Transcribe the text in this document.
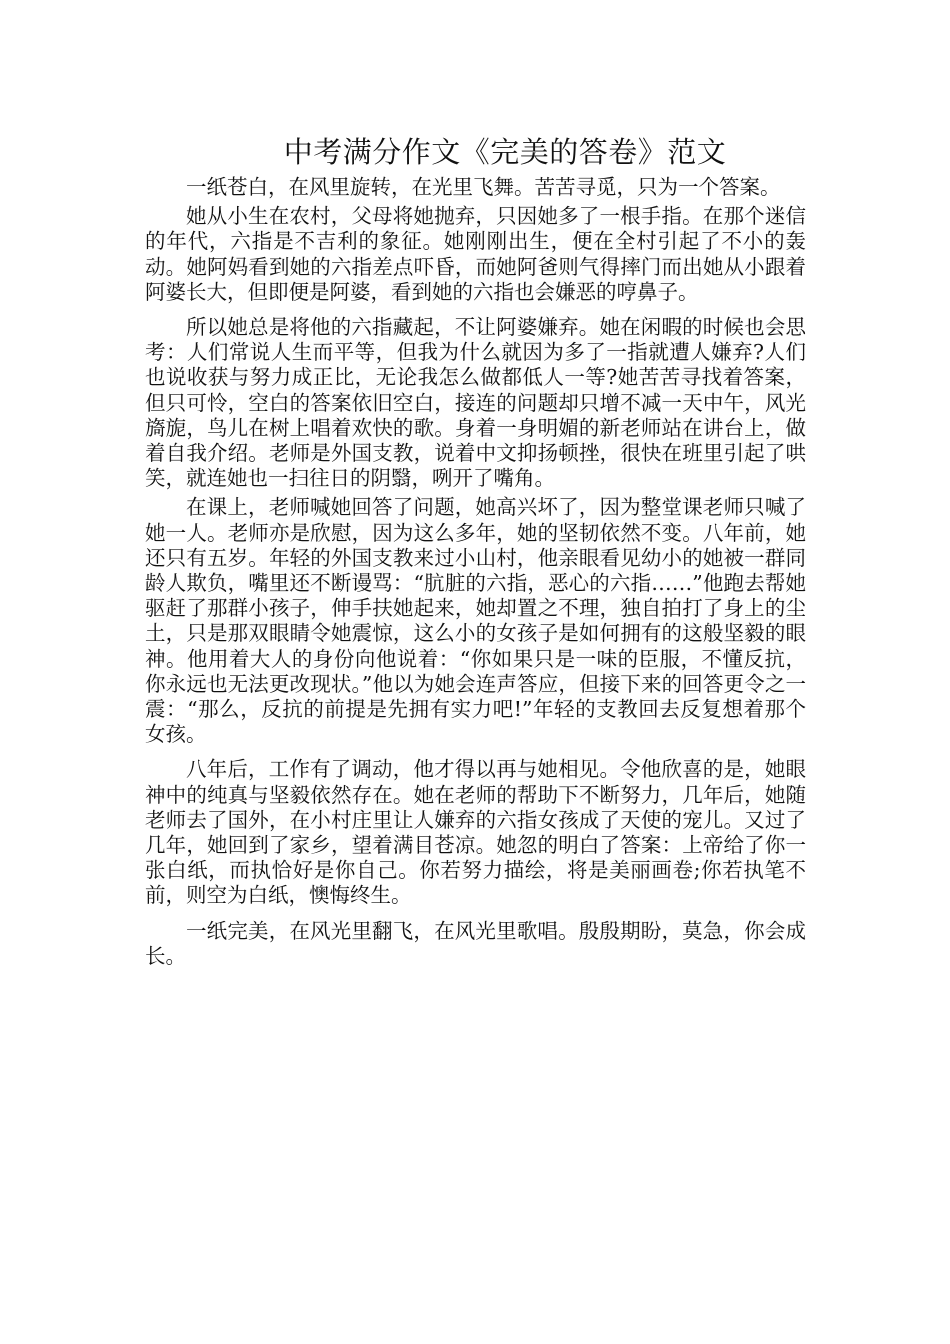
中考满分作文《完美的答卷》范文

一纸苍白，在风里旋转，在光里飞舞。苦苦寻觅，只为一个答案。

她从小生在农村，父母将她抛弃，只因她多了一根手指。在那个迷信的年代，六指是不吉利的象征。她刚刚出生，便在全村引起了不小的轰动。她阿妈看到她的六指差点吓昏，而她阿爸则气得摔门而出她从小跟着阿婆长大，但即便是阿婆，看到她的六指也会嫌恶的哼鼻子。

所以她总是将他的六指藏起，不让阿婆嫌弃。她在闲暇的时候也会思考：人们常说人生而平等，但我为什么就因为多了一指就遭人嫌弃?人们也说收获与努力成正比，无论我怎么做都低人一等?她苦苦寻找着答案，但只可怜，空白的答案依旧空白，接连的问题却只增不减一天中午，风光旖旎，鸟儿在树上唱着欢快的歌。身着一身明媚的新老师站在讲台上，做着自我介绍。老师是外国支教，说着中文抑扬顿挫，很快在班里引起了哄笑，就连她也一扫往日的阴翳，咧开了嘴角。

在课上，老师喊她回答了问题，她高兴坏了，因为整堂课老师只喊了她一人。老师亦是欣慰，因为这么多年，她的坚韧依然不变。八年前，她还只有五岁。年轻的外国支教来过小山村，他亲眼看见幼小的她被一群同龄人欺负，嘴里还不断谩骂：“肮脏的六指，恶心的六指……”他跑去帮她驱赶了那群小孩子，伸手扶她起来，她却置之不理，独自拍打了身上的尘土，只是那双眼睛令她震惊，这么小的女孩子是如何拥有的这般坚毅的眼神。他用着大人的身份向他说着：“你如果只是一味的臣服，不懂反抗，你永远也无法更改现状。”他以为她会连声答应，但接下来的回答更令之一震：“那么，反抗的前提是先拥有实力吧!”年轻的支教回去反复想着那个女孩。

八年后，工作有了调动，他才得以再与她相见。令他欣喜的是，她眼神中的纯真与坚毅依然存在。她在老师的帮助下不断努力，几年后，她随老师去了国外，在小村庄里让人嫌弃的六指女孩成了天使的宠儿。又过了几年，她回到了家乡，望着满目苍凉。她忽的明白了答案：上帝给了你一张白纸，而执恰好是你自己。你若努力描绘，将是美丽画卷;你若执笔不前，则空为白纸，懊悔终生。

一纸完美，在风光里翻飞，在风光里歌唱。殷殷期盼，莫急，你会成长。
